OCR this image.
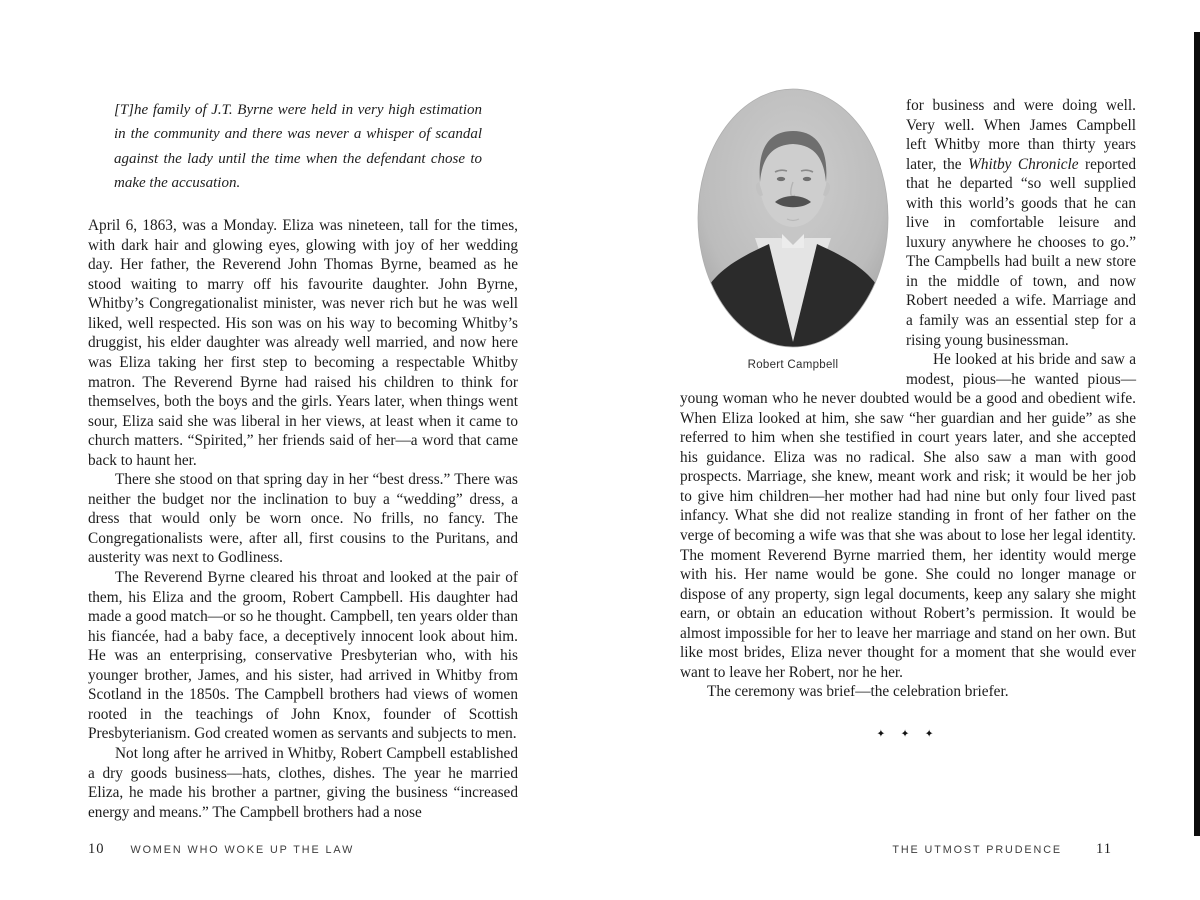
[T]he family of J.T. Byrne were held in very high estimation in the community and there was never a whisper of scandal against the lady until the time when the defendant chose to make the accusation.

April 6, 1863, was a Monday. Eliza was nineteen, tall for the times, with dark hair and glowing eyes, glowing with joy of her wedding day. Her father, the Reverend John Thomas Byrne, beamed as he stood waiting to marry off his favourite daughter. John Byrne, Whitby’s Congregationalist minister, was never rich but he was well liked, well respected. His son was on his way to becoming Whitby’s druggist, his elder daughter was already well married, and now here was Eliza taking her first step to becoming a respectable Whitby matron. The Reverend Byrne had raised his children to think for themselves, both the boys and the girls. Years later, when things went sour, Eliza said she was liberal in her views, at least when it came to church matters. “Spirited,” her friends said of her—a word that came back to haunt her.

There she stood on that spring day in her “best dress.” There was neither the budget nor the inclination to buy a “wedding” dress, a dress that would only be worn once. No frills, no fancy. The Congregationalists were, after all, first cousins to the Puritans, and austerity was next to Godliness.

The Reverend Byrne cleared his throat and looked at the pair of them, his Eliza and the groom, Robert Campbell. His daughter had made a good match—or so he thought. Campbell, ten years older than his fiancée, had a baby face, a deceptively innocent look about him. He was an enterprising, conservative Presbyterian who, with his younger brother, James, and his sister, had arrived in Whitby from Scotland in the 1850s. The Campbell brothers had views of women rooted in the teachings of John Knox, founder of Scottish Presbyterianism. God created women as servants and subjects to men.

Not long after he arrived in Whitby, Robert Campbell established a dry goods business—hats, clothes, dishes. The year he married Eliza, he made his brother a partner, giving the business “increased energy and means.” The Campbell brothers had a nose

Robert Campbell

for business and were doing well. Very well. When James Campbell left Whitby more than thirty years later, the Whitby Chronicle reported that he departed “so well supplied with this world’s goods that he can live in comfortable leisure and luxury anywhere he chooses to go.” The Campbells had built a new store in the middle of town, and now Robert needed a wife. Marriage and a family was an essential step for a rising young businessman.

He looked at his bride and saw a modest, pious—he wanted pious—young woman who he never doubted would be a good and obedient wife. When Eliza looked at him, she saw “her guardian and her guide” as she referred to him when she testified in court years later, and she accepted his guidance. Eliza was no radical. She also saw a man with good prospects. Marriage, she knew, meant work and risk; it would be her job to give him children—her mother had had nine but only four lived past infancy. What she did not realize standing in front of her father on the verge of becoming a wife was that she was about to lose her legal identity. The moment Reverend Byrne married them, her identity would merge with his. Her name would be gone. She could no longer manage or dispose of any property, sign legal documents, keep any salary she might earn, or obtain an education without Robert’s permission. It would be almost impossible for her to leave her marriage and stand on her own. But like most brides, Eliza never thought for a moment that she would ever want to leave her Robert, nor he her.

The ceremony was brief—the celebration briefer.

✦ ✦ ✦
10 WOMEN WHO WOKE UP THE LAW	THE UTMOST PRUDENCE 11
